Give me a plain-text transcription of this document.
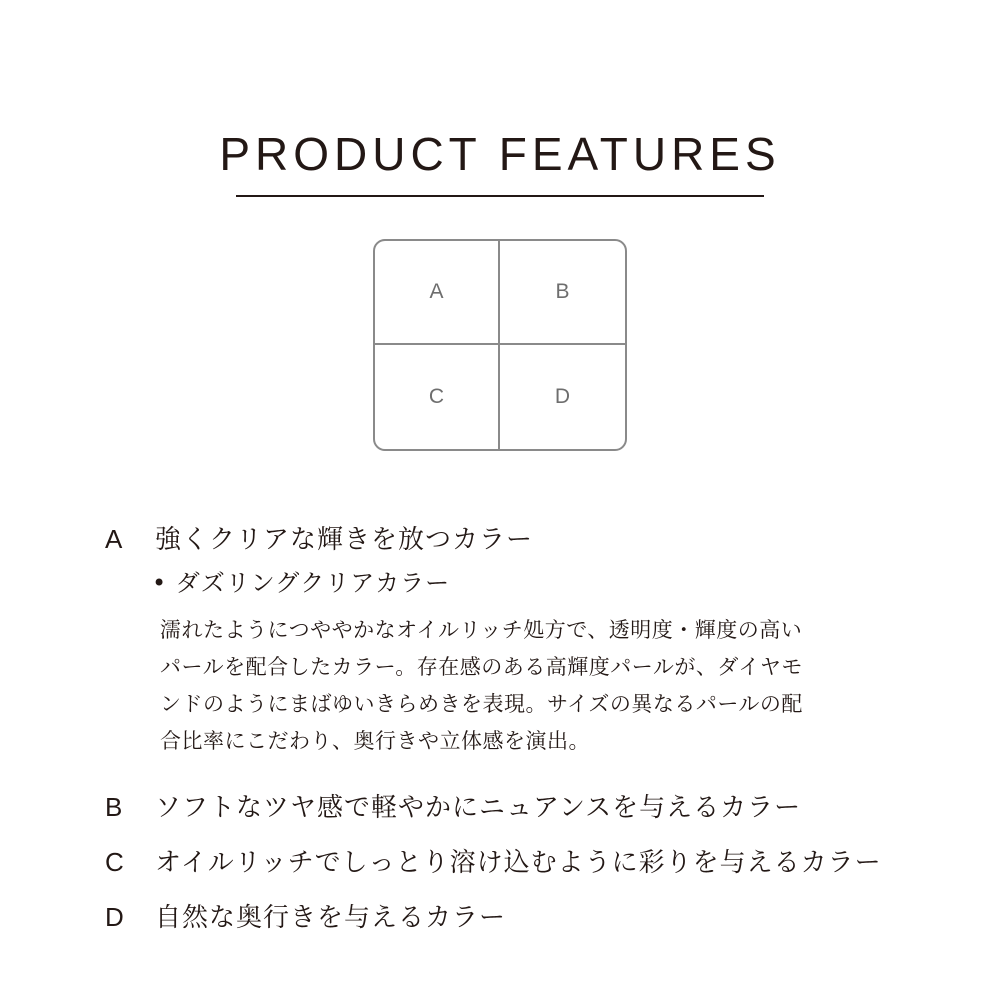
PRODUCT FEATURES
A	B
C	D
A 強くクリアな輝きを放つカラー
• ダズリングクリアカラー
濡れたようにつややかなオイルリッチ処方で、透明度・輝度の高い
パールを配合したカラー。存在感のある高輝度パールが、ダイヤモ
ンドのようにまばゆいきらめきを表現。サイズの異なるパールの配
合比率にこだわり、奥行きや立体感を演出。
B ソフトなツヤ感で軽やかにニュアンスを与えるカラー
C オイルリッチでしっとり溶け込むように彩りを与えるカラー
D 自然な奥行きを与えるカラー
